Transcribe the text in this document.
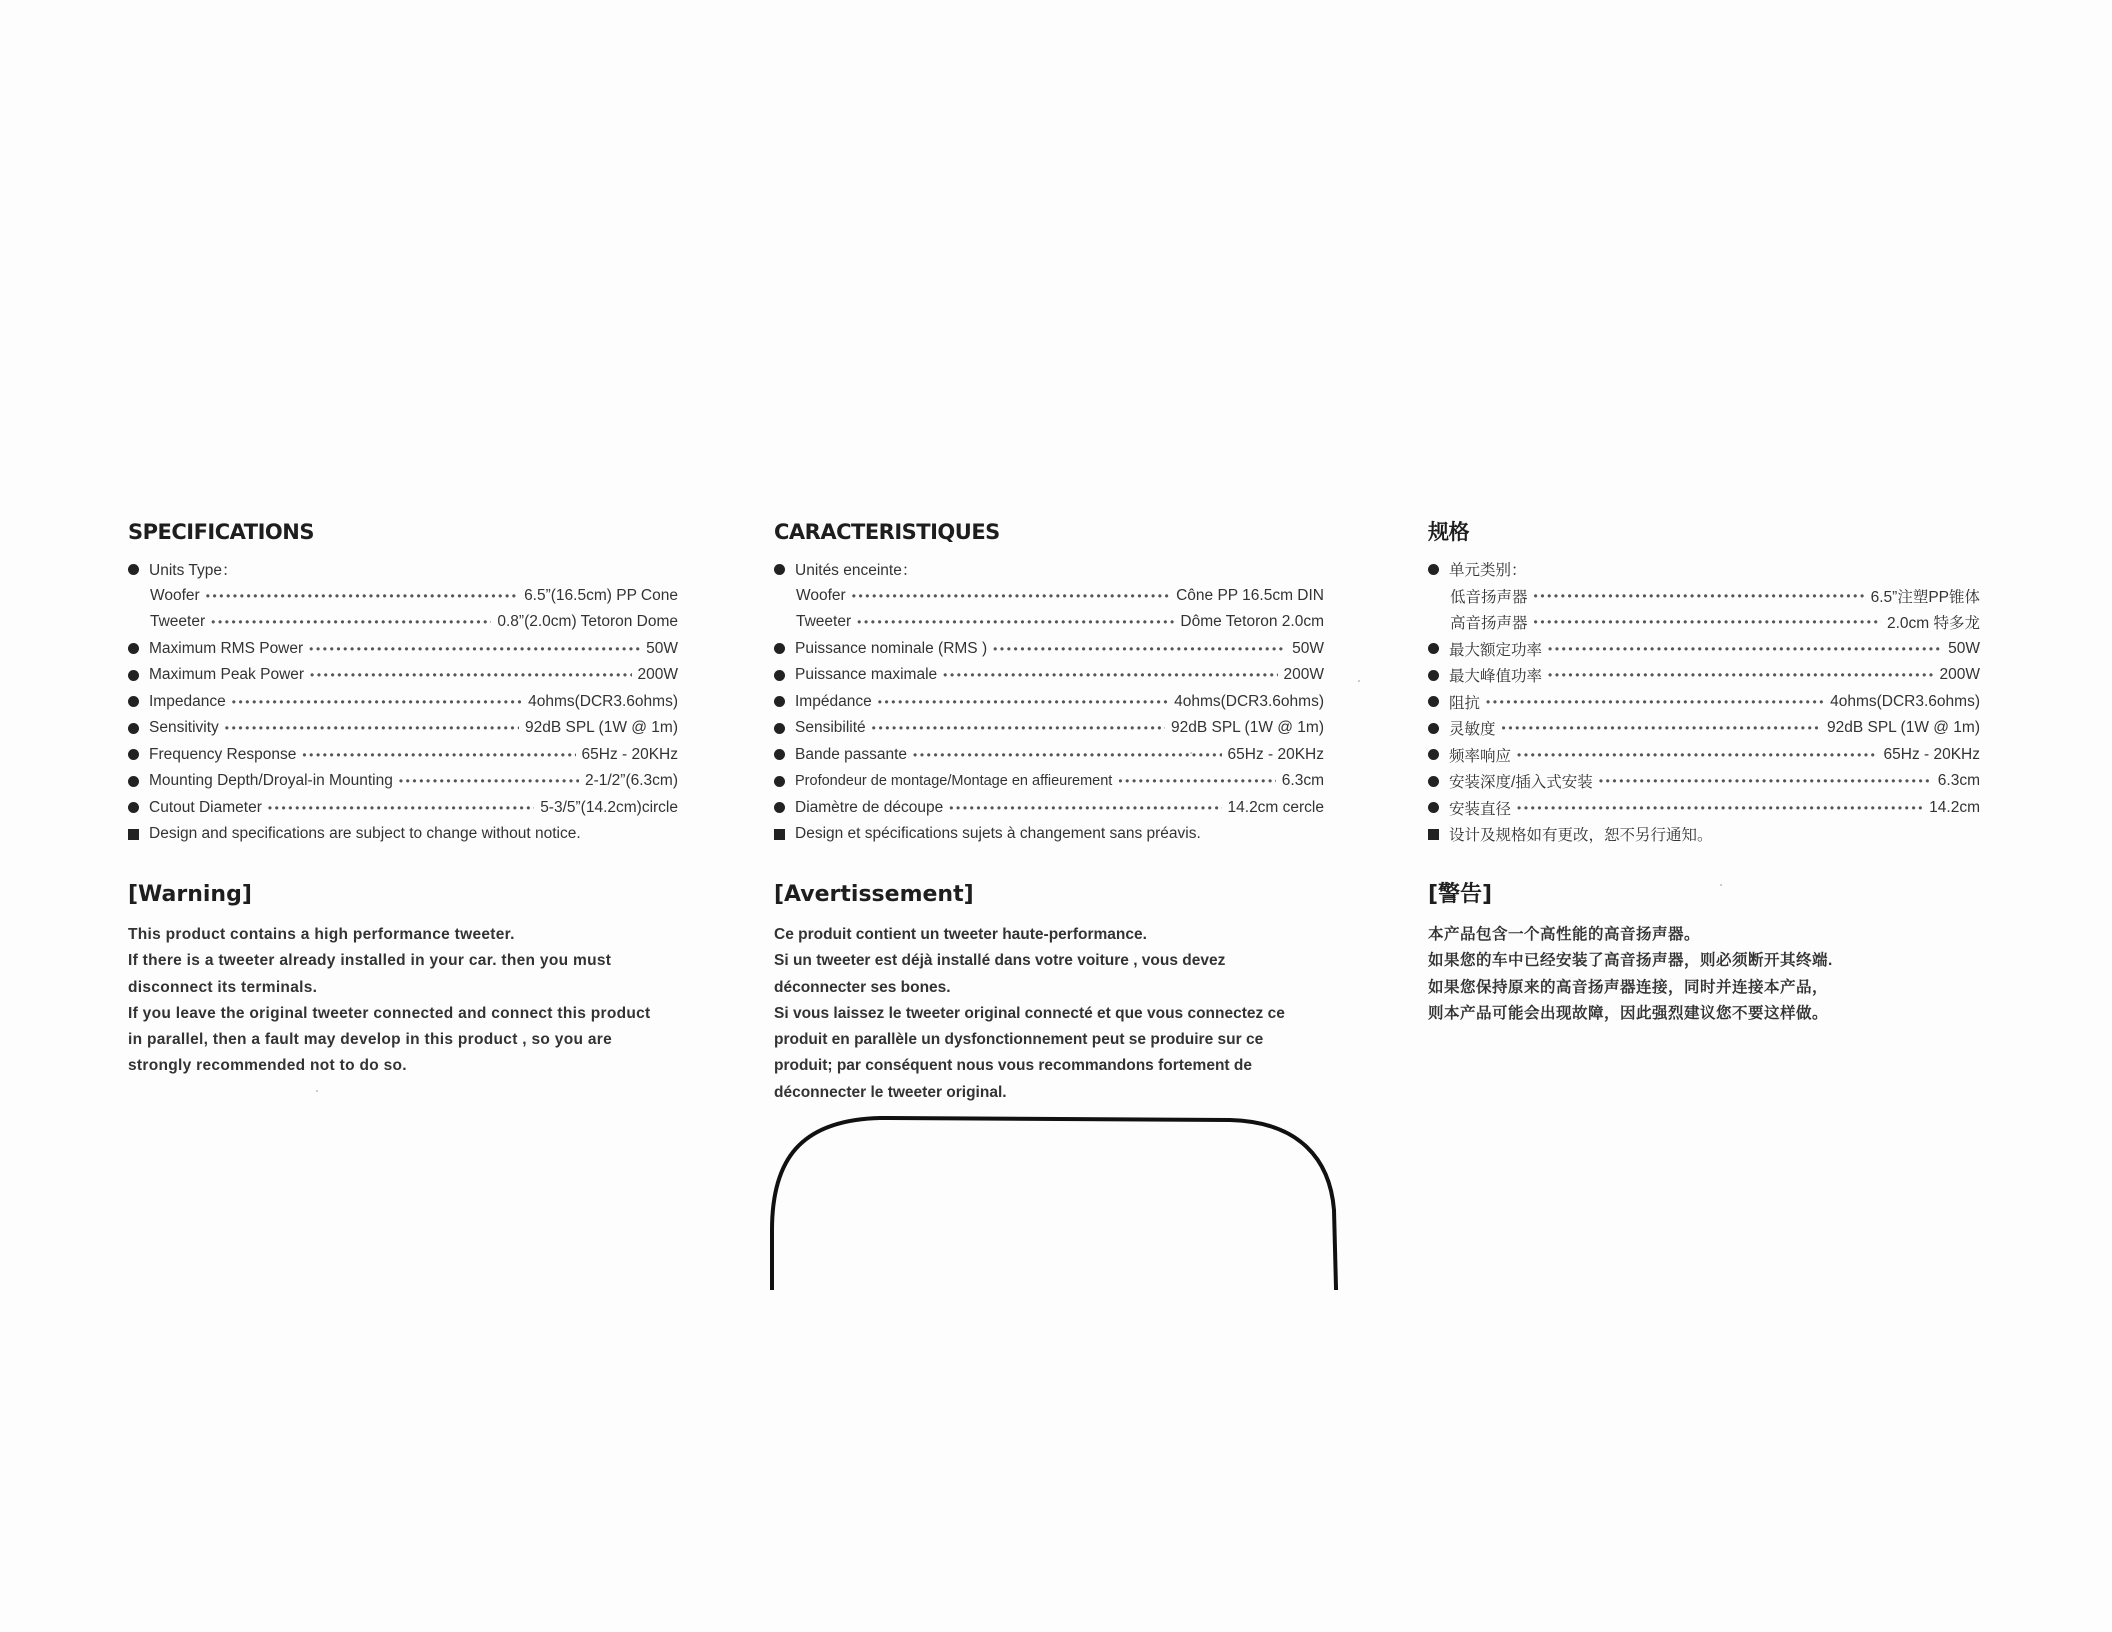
SPECIFICATIONS
Units Type：
Woofer •••••	6.5”(16.5cm) PP Cone
Tweeter •••••	0.8”(2.0cm) Tetoron Dome
Maximum RMS Power •••••	50W
Maximum Peak Power •••••	200W
Impedance •••••	4ohms(DCR3.6ohms)
Sensitivity •••••	92dB SPL (1W @ 1m)
Frequency Response •••••	65Hz - 20KHz
Mounting Depth/Droyal-in Mounting •••••	2-1/2”(6.3cm)
Cutout Diameter •••••	5-3/5”(14.2cm)circle
Design and specifications are subject to change without notice.
[Warning]
This product contains a high performance tweeter.
If there is a tweeter already installed in your car. then you must
disconnect its terminals.
If you leave the original tweeter connected and connect this product
in parallel, then a fault may develop in this product , so you are
strongly recommended not to do so.
CARACTERISTIQUES
Unités enceinte：
Woofer •••••	Cône PP 16.5cm DIN
Tweeter •••••	Dôme Tetoron 2.0cm
Puissance nominale (RMS ) •••••	50W
Puissance maximale •••••	200W
Impédance •••••	4ohms(DCR3.6ohms)
Sensibilité •••••	92dB SPL (1W @ 1m)
Bande passante •••••	65Hz - 20KHz
Profondeur de montage/Montage en affieurement •••••	6.3cm
Diamètre de découpe •••••	14.2cm cercle
Design et spécifications sujets à changement sans préavis.
[Avertissement]
Ce produit contient un tweeter haute-performance.
Si un tweeter est déjà installé dans votre voiture , vous devez
déconnecter ses bones.
Si vous laissez le tweeter original connecté et que vous connectez ce
produit en parallèle un dysfonctionnement peut se produire sur ce
produit; par conséquent nous vous recommandons fortement de
déconnecter le tweeter original.
规格
单元类别：
低音扬声器 •••••	6.5”注塑PP锥体
高音扬声器 •••••	2.0cm 特多龙
最大额定功率 •••••	50W
最大峰值功率 •••••	200W
阻抗 •••••	4ohms(DCR3.6ohms)
灵敏度 •••••	92dB SPL (1W @ 1m)
频率响应 •••••	65Hz - 20KHz
安装深度/插入式安装 •••••	6.3cm
安装直径 •••••	14.2cm
设计及规格如有更改，恕不另行通知。
[警告]
本产品包含一个高性能的高音扬声器。
如果您的车中已经安装了高音扬声器，则必须断开其终端.
如果您保持原来的高音扬声器连接，同时并连接本产品，
则本产品可能会出现故障，因此强烈建议您不要这样做。
